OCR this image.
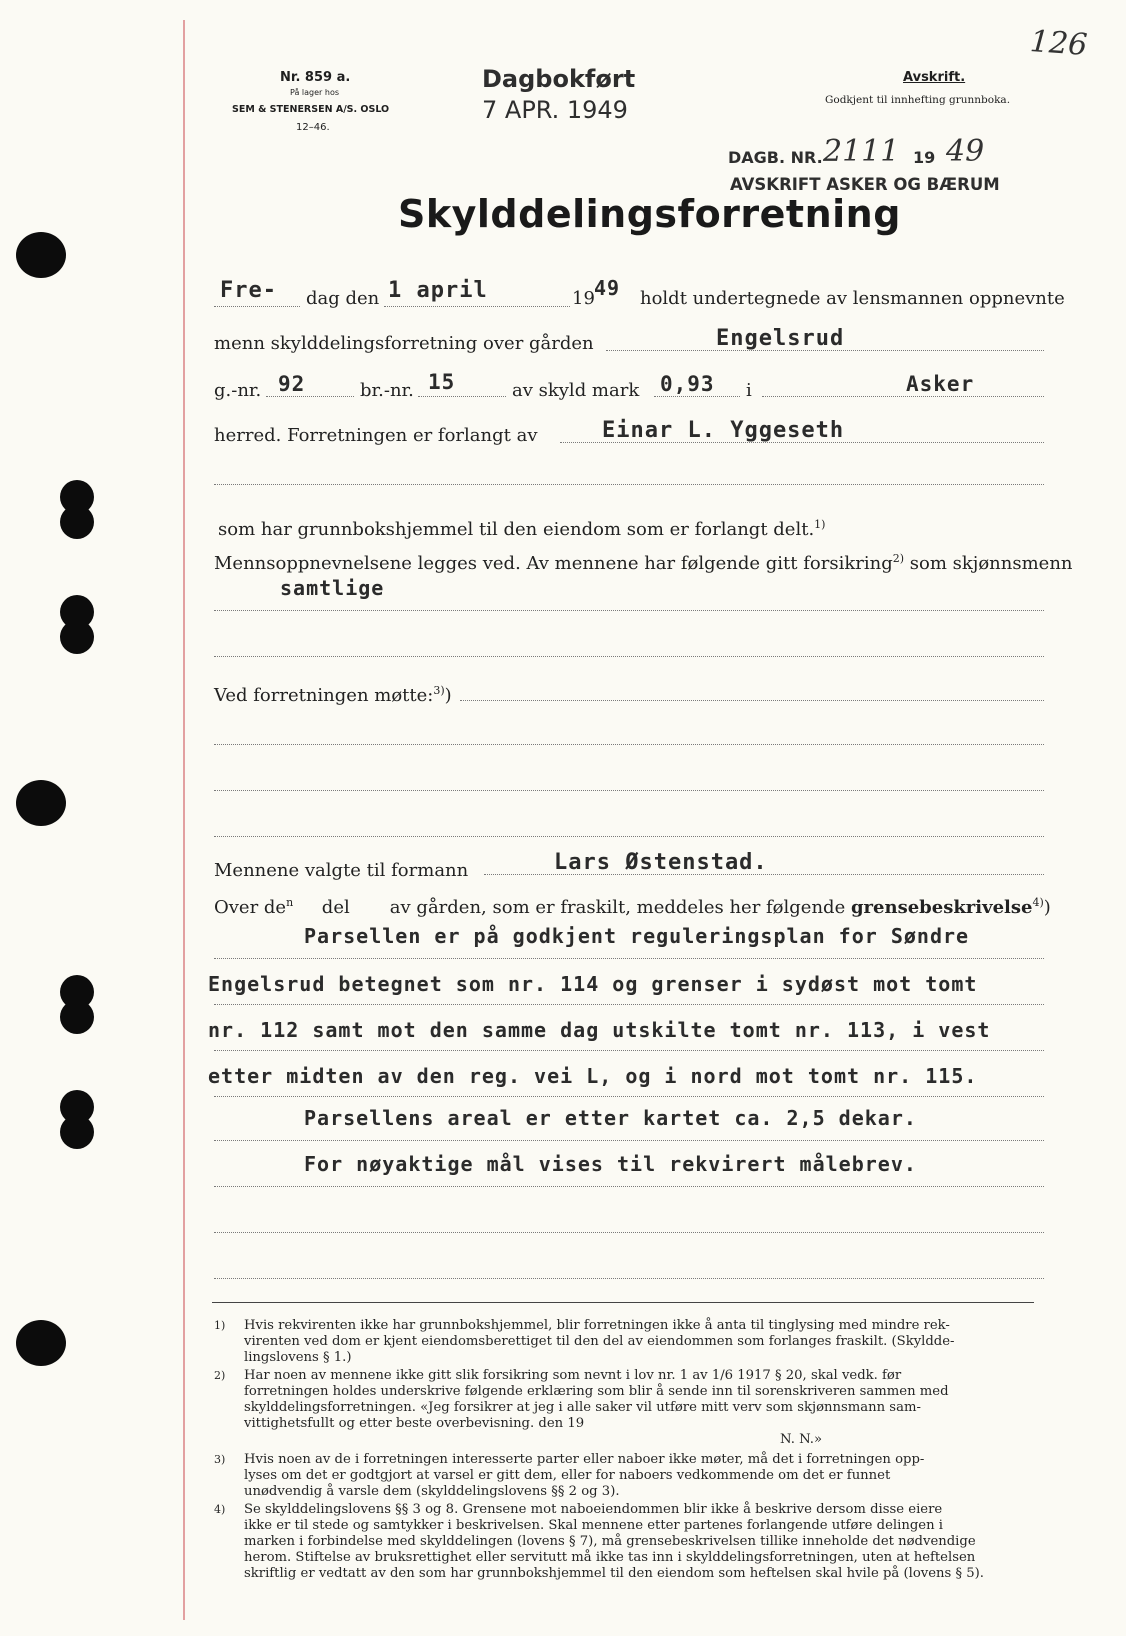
Nr. 859 a.
På lager hos
SEM & STENERSEN A/S. OSLO
12–46.
126
Avskrift.
Godkjent til innhefting grunnboka.
Dagbokført
7 APR. 1949
DAGB. NR. 2111 19 49
AVSKRIFT ASKER OG BÆRUM
Skylddelingsforretning
Fre- dag den 1 april	19 49 holdt undertegnede av lensmannen oppnevnte
menn skylddelingsforretning over gården	Engelsrud
g.-nr. 92	br.-nr. 15	av skyld mark 0,93 i	Asker
herred. Forretningen er forlangt av	Einar L. Yggeseth
som har grunnbokshjemmel til den eiendom som er forlangt delt.$^{1)}$
Mennsoppnevnelsene legges ved. Av mennene har følgende gitt forsikring$^{2)}$ som skjønnsmenn
samtlige
Ved forretningen møtte:$^{3)}$)
Mennene valgte til formann	Lars Østenstad.
Over $de^n$ del av gården, som er fraskilt, meddeles her følgende grensebeskrivelse$^{4)}$)
Parsellen er på godkjent reguleringsplan for Søndre
Engelsrud betegnet som nr. 114 og grenser i sydøst mot tomt
nr. 112 samt mot den samme dag utskilte tomt nr. 113, i vest
etter midten av den reg. vei L, og i nord mot tomt nr. 115.
Parsellens areal er etter kartet ca. 2,5 dekar.
For nøyaktige mål vises til rekvirert målebrev.
1) Hvis rekvirenten ikke har grunnbokshjemmel, blir forretningen ikke å anta til tinglysing med mindre rek-
virenten ved dom er kjent eiendomsberettiget til den del av eiendommen som forlanges fraskilt. (Skyldde-
lingslovens § 1.)
2) Har noen av mennene ikke gitt slik forsikring som nevnt i lov nr. 1 av 1/6 1917 § 20, skal vedk. før
forretningen holdes underskrive følgende erklæring som blir å sende inn til sorenskriveren sammen med
skylddelingsforretningen. «Jeg forsikrer at jeg i alle saker vil utføre mitt verv som skjønnsmann sam-
vittighetsfullt og etter beste overbevisning. den 19
N. N.»
3) Hvis noen av de i forretningen interesserte parter eller naboer ikke møter, må det i forretningen opp-
lyses om det er godtgjort at varsel er gitt dem, eller for naboers vedkommende om det er funnet
unødvendig å varsle dem (skylddelingslovens §§ 2 og 3).
4) Se skylddelingslovens §§ 3 og 8. Grensene mot naboeiendommen blir ikke å beskrive dersom disse eiere
ikke er til stede og samtykker i beskrivelsen. Skal mennene etter partenes forlangende utføre delingen i
marken i forbindelse med skylddelingen (lovens § 7), må grensebeskrivelsen tillike inneholde det nødvendige
herom. Stiftelse av bruksrettighet eller servitutt må ikke tas inn i skylddelingsforretningen, uten at heftelsen
skriftlig er vedtatt av den som har grunnbokshjemmel til den eiendom som heftelsen skal hvile på (lovens § 5).
